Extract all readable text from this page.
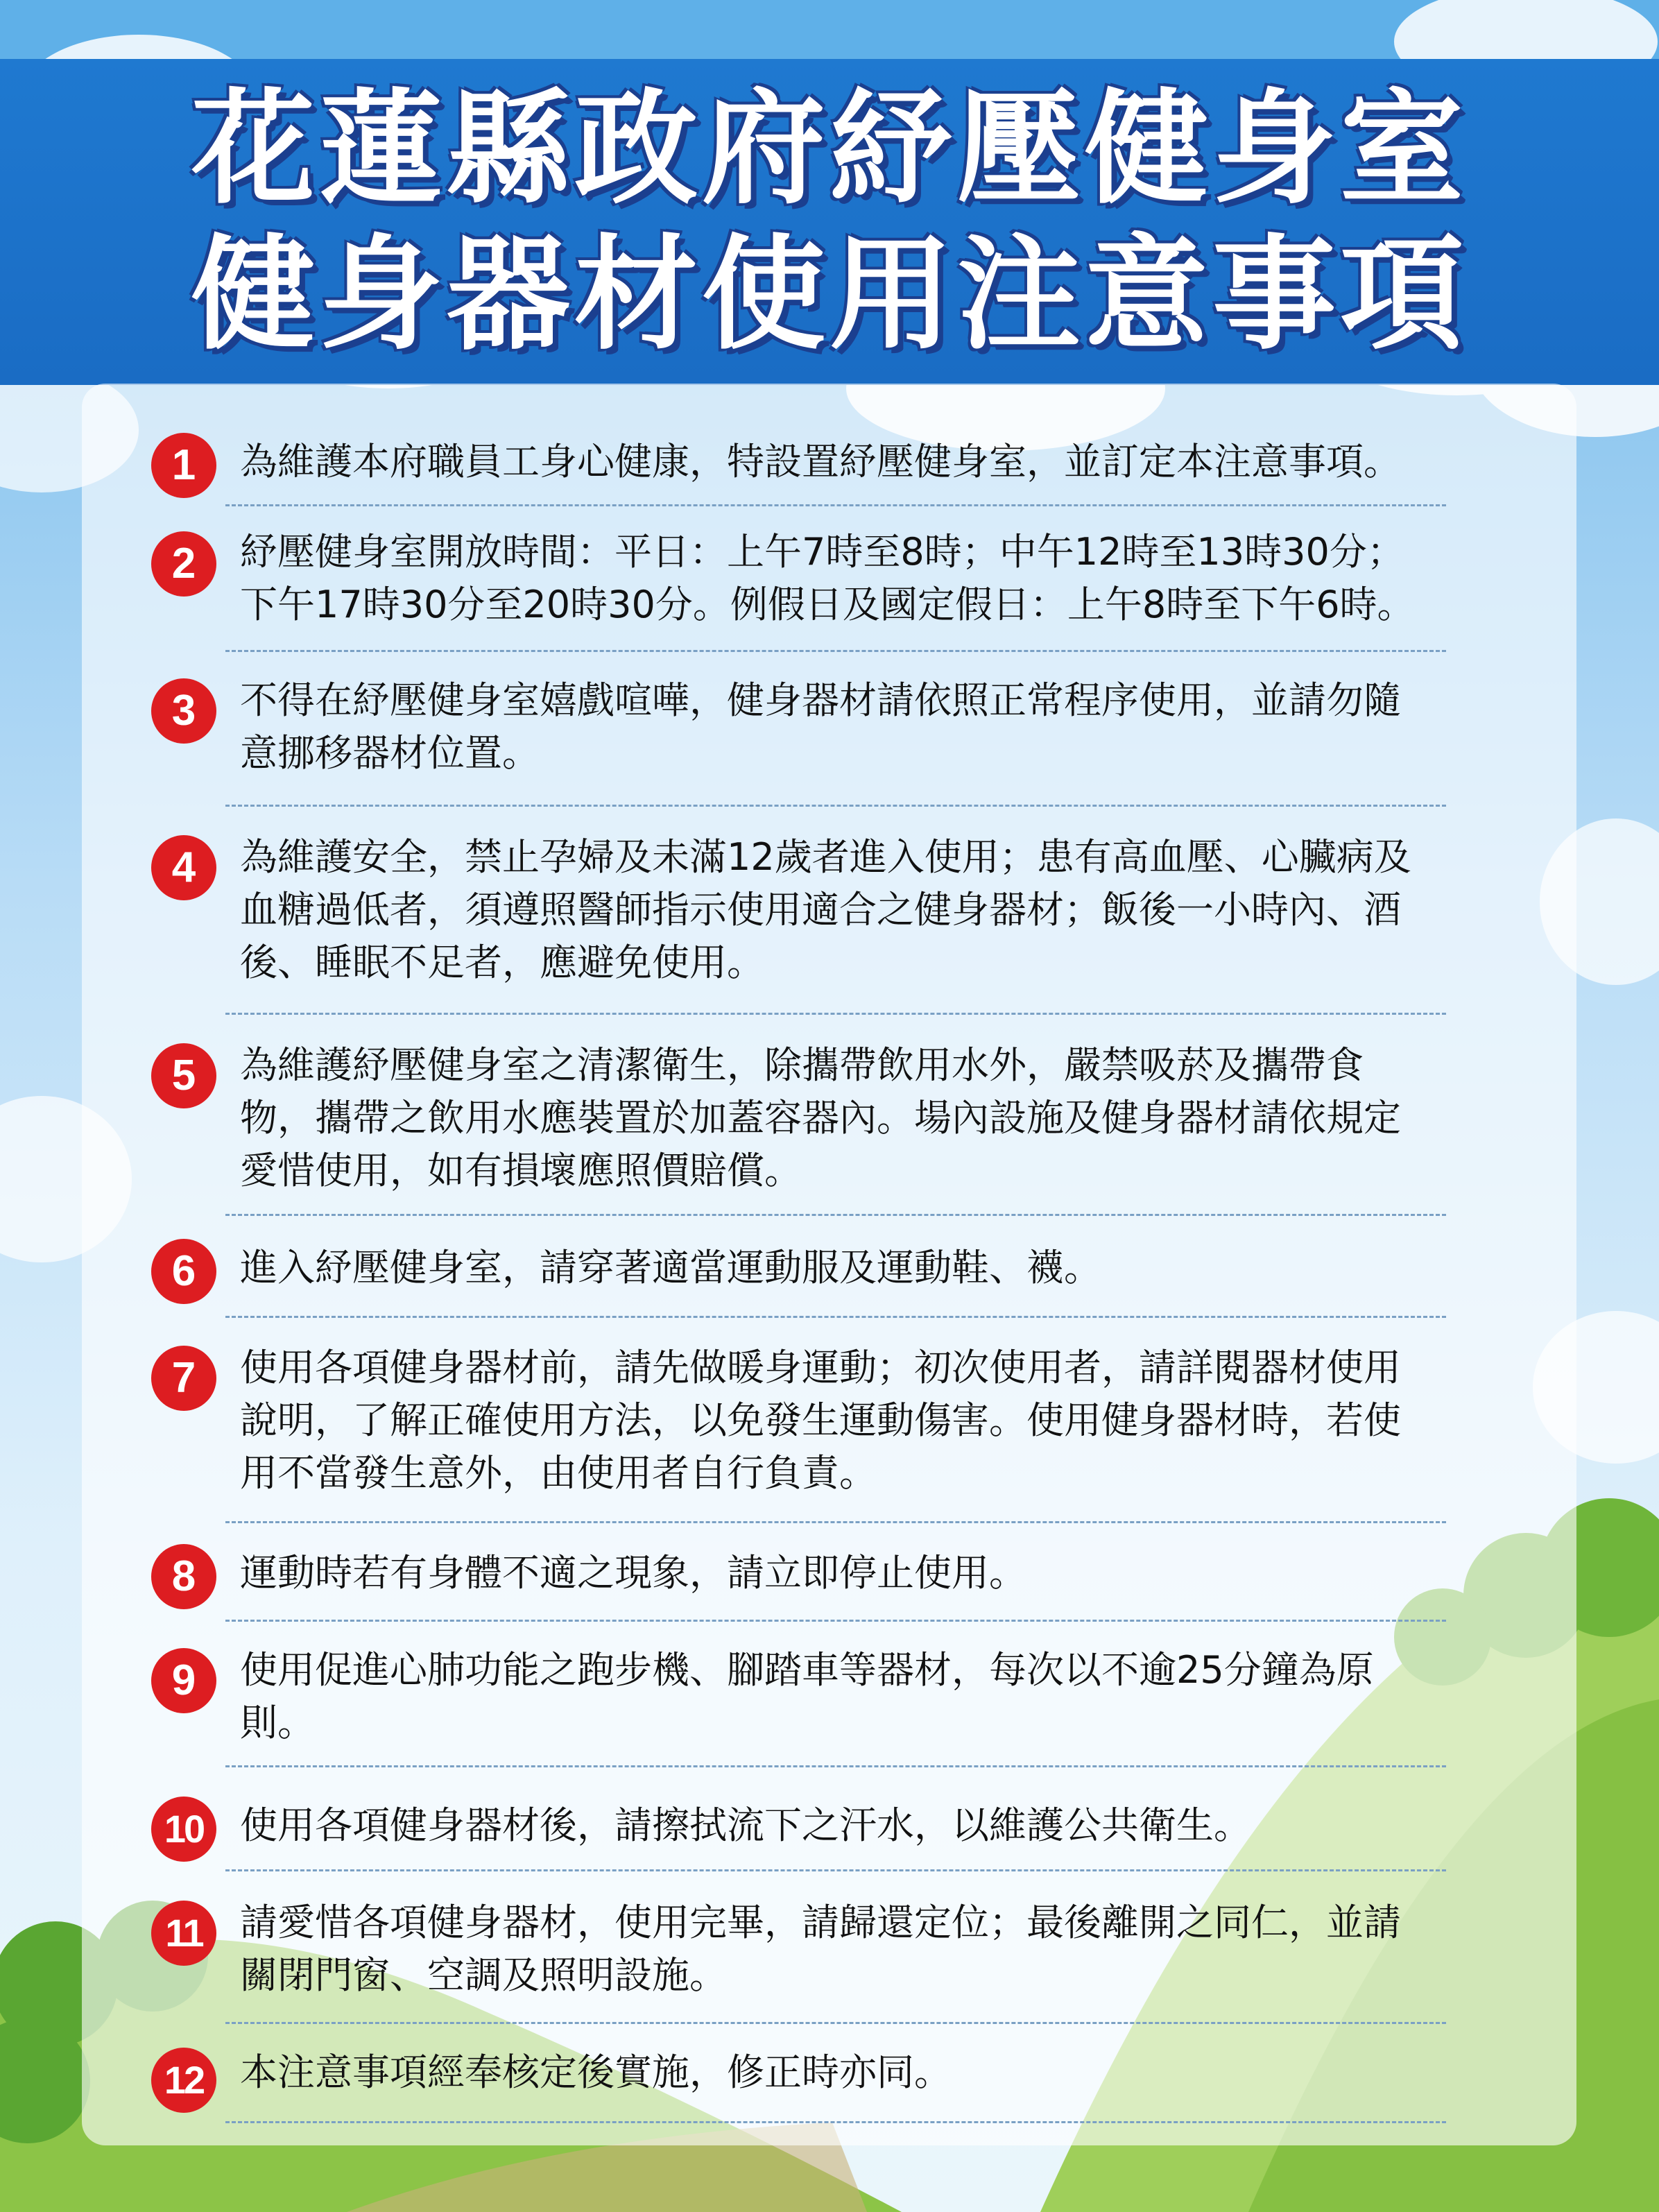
花蓮縣政府紓壓健身室
健身器材使用注意事項
1	為維護本府職員工身心健康，特設置紓壓健身室，並訂定本注意事項。
2	紓壓健身室開放時間：平日：上午7時至8時；中午12時至13時30分；
下午17時30分至20時30分。例假日及國定假日：上午8時至下午6時。
3	不得在紓壓健身室嬉戲喧嘩，健身器材請依照正常程序使用，並請勿隨
意挪移器材位置。
4	為維護安全，禁止孕婦及未滿12歲者進入使用；患有高血壓、心臟病及
血糖過低者，須遵照醫師指示使用適合之健身器材；飯後一小時內、酒
後、睡眠不足者，應避免使用。
5	為維護紓壓健身室之清潔衛生，除攜帶飲用水外，嚴禁吸菸及攜帶食
物，攜帶之飲用水應裝置於加蓋容器內。場內設施及健身器材請依規定
愛惜使用，如有損壞應照價賠償。
6	進入紓壓健身室，請穿著適當運動服及運動鞋、襪。
7	使用各項健身器材前，請先做暖身運動；初次使用者，請詳閱器材使用
說明，了解正確使用方法，以免發生運動傷害。使用健身器材時，若使
用不當發生意外，由使用者自行負責。
8	運動時若有身體不適之現象，請立即停止使用。
9	使用促進心肺功能之跑步機、腳踏車等器材，每次以不逾25分鐘為原
則。
10 使用各項健身器材後，請擦拭流下之汗水，以維護公共衛生。
11	請愛惜各項健身器材，使用完畢，請歸還定位；最後離開之同仁，並請
關閉門窗、空調及照明設施。
12 本注意事項經奉核定後實施，修正時亦同。
